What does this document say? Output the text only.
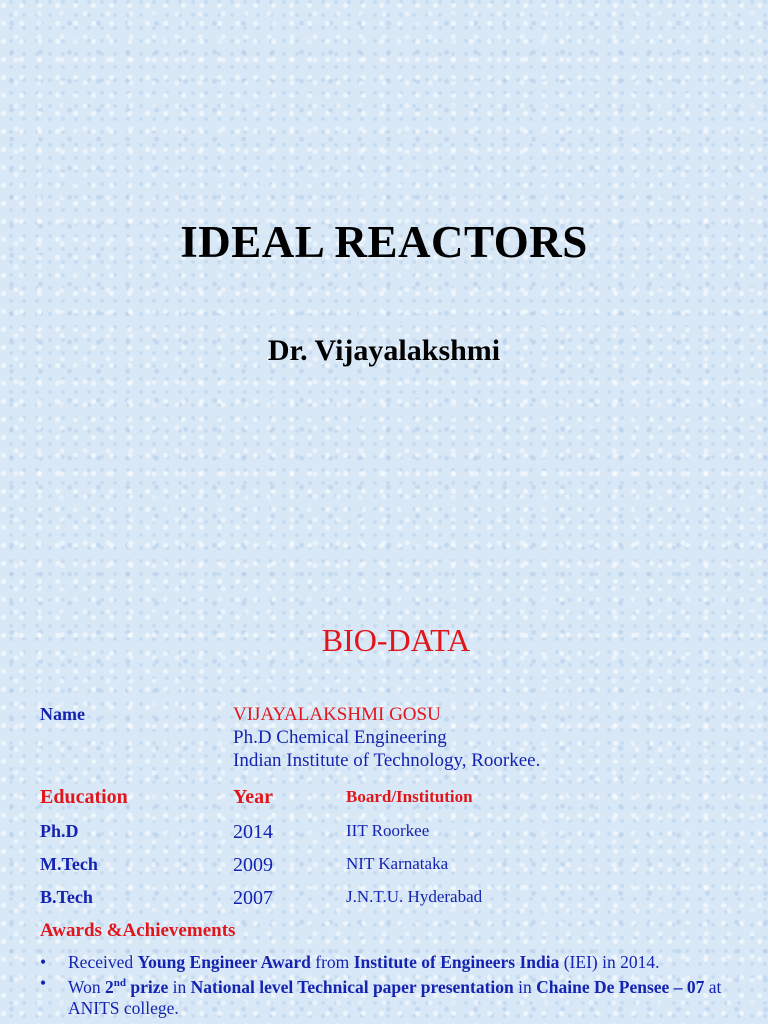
IDEAL REACTORS
Dr. Vijayalakshmi
BIO-DATA
Name	VIJAYALAKSHMI GOSU
Ph.D Chemical Engineering
Indian Institute of Technology, Roorkee.
Education	Year	Board/Institution
Ph.D	2014	IIT Roorkee
M.Tech	2009	NIT Karnataka
B.Tech	2007	J.N.T.U. Hyderabad
Awards &Achievements
• Received Young Engineer Award from Institute of Engineers India (IEI) in 2014.
• Won 2nd prize in National level Technical paper presentation in Chaine De Pensee – 07 at ANITS college.
